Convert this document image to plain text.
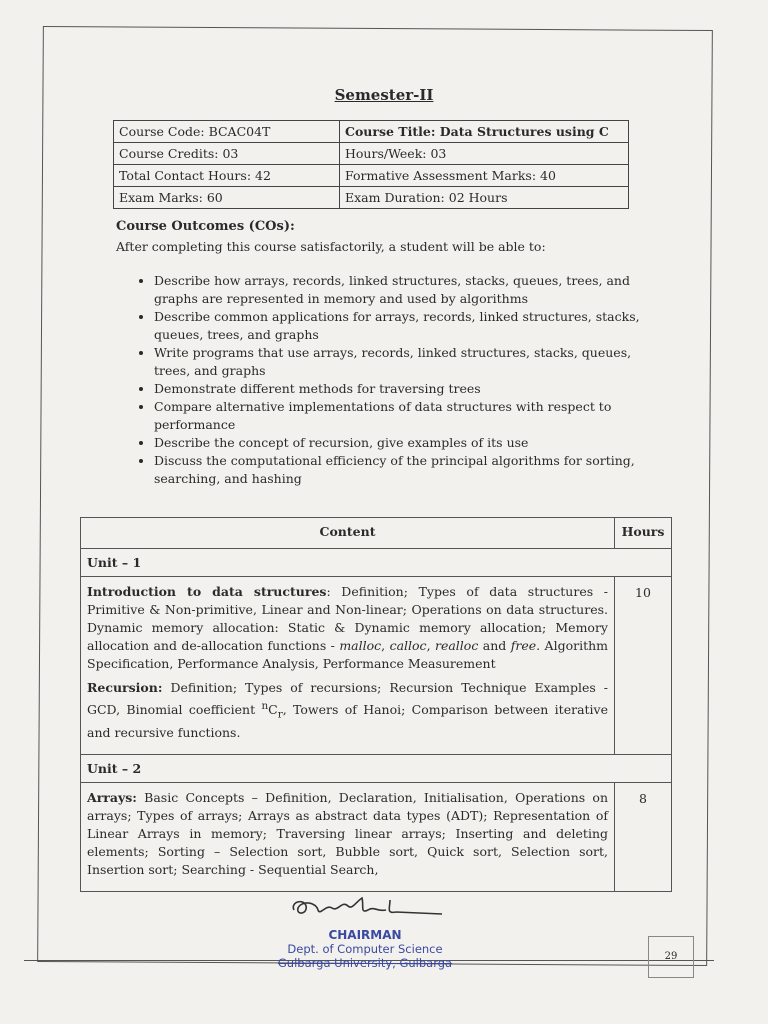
Semester-II
Course Code: BCAC04T	Course Title: Data Structures using C
Course Credits: 03	Hours/Week: 03
Total Contact Hours: 42	Formative Assessment Marks: 40
Exam Marks: 60	Exam Duration: 02 Hours
Course Outcomes (COs):
After completing this course satisfactorily, a student will be able to:
• Describe how arrays, records, linked structures, stacks, queues, trees, and graphs are represented in memory and used by algorithms
• Describe common applications for arrays, records, linked structures, stacks, queues, trees, and graphs
• Write programs that use arrays, records, linked structures, stacks, queues, trees, and graphs
• Demonstrate different methods for traversing trees
• Compare alternative implementations of data structures with respect to performance
• Describe the concept of recursion, give examples of its use
• Discuss the computational efficiency of the principal algorithms for sorting, searching, and hashing
Content	Hours
Unit – 1	

Introduction to data structures: Definition; Types of data structures - Primitive & Non-primitive, Linear and Non-linear; Operations on data structures. Dynamic memory allocation: Static & Dynamic memory allocation; Memory allocation and de-allocation functions - malloc, calloc, realloc and free. Algorithm Specification, Performance Analysis, Performance Measurement

Recursion: Definition; Types of recursions; Recursion Technique Examples - GCD, Binomial coefficient $^nC_r$, Towers of Hanoi; Comparison between iterative and recursive functions.	10
Unit – 2	

Arrays: Basic Concepts – Definition, Declaration, Initialisation, Operations on arrays; Types of arrays; Arrays as abstract data types (ADT); Representation of Linear Arrays in memory; Traversing linear arrays; Inserting and deleting elements; Sorting – Selection sort, Bubble sort, Quick sort, Selection sort, Insertion sort; Searching - Sequential Search,	8
CHAIRMAN
Dept. of Computer Science
Gulbarga University, Gulbarga	29
